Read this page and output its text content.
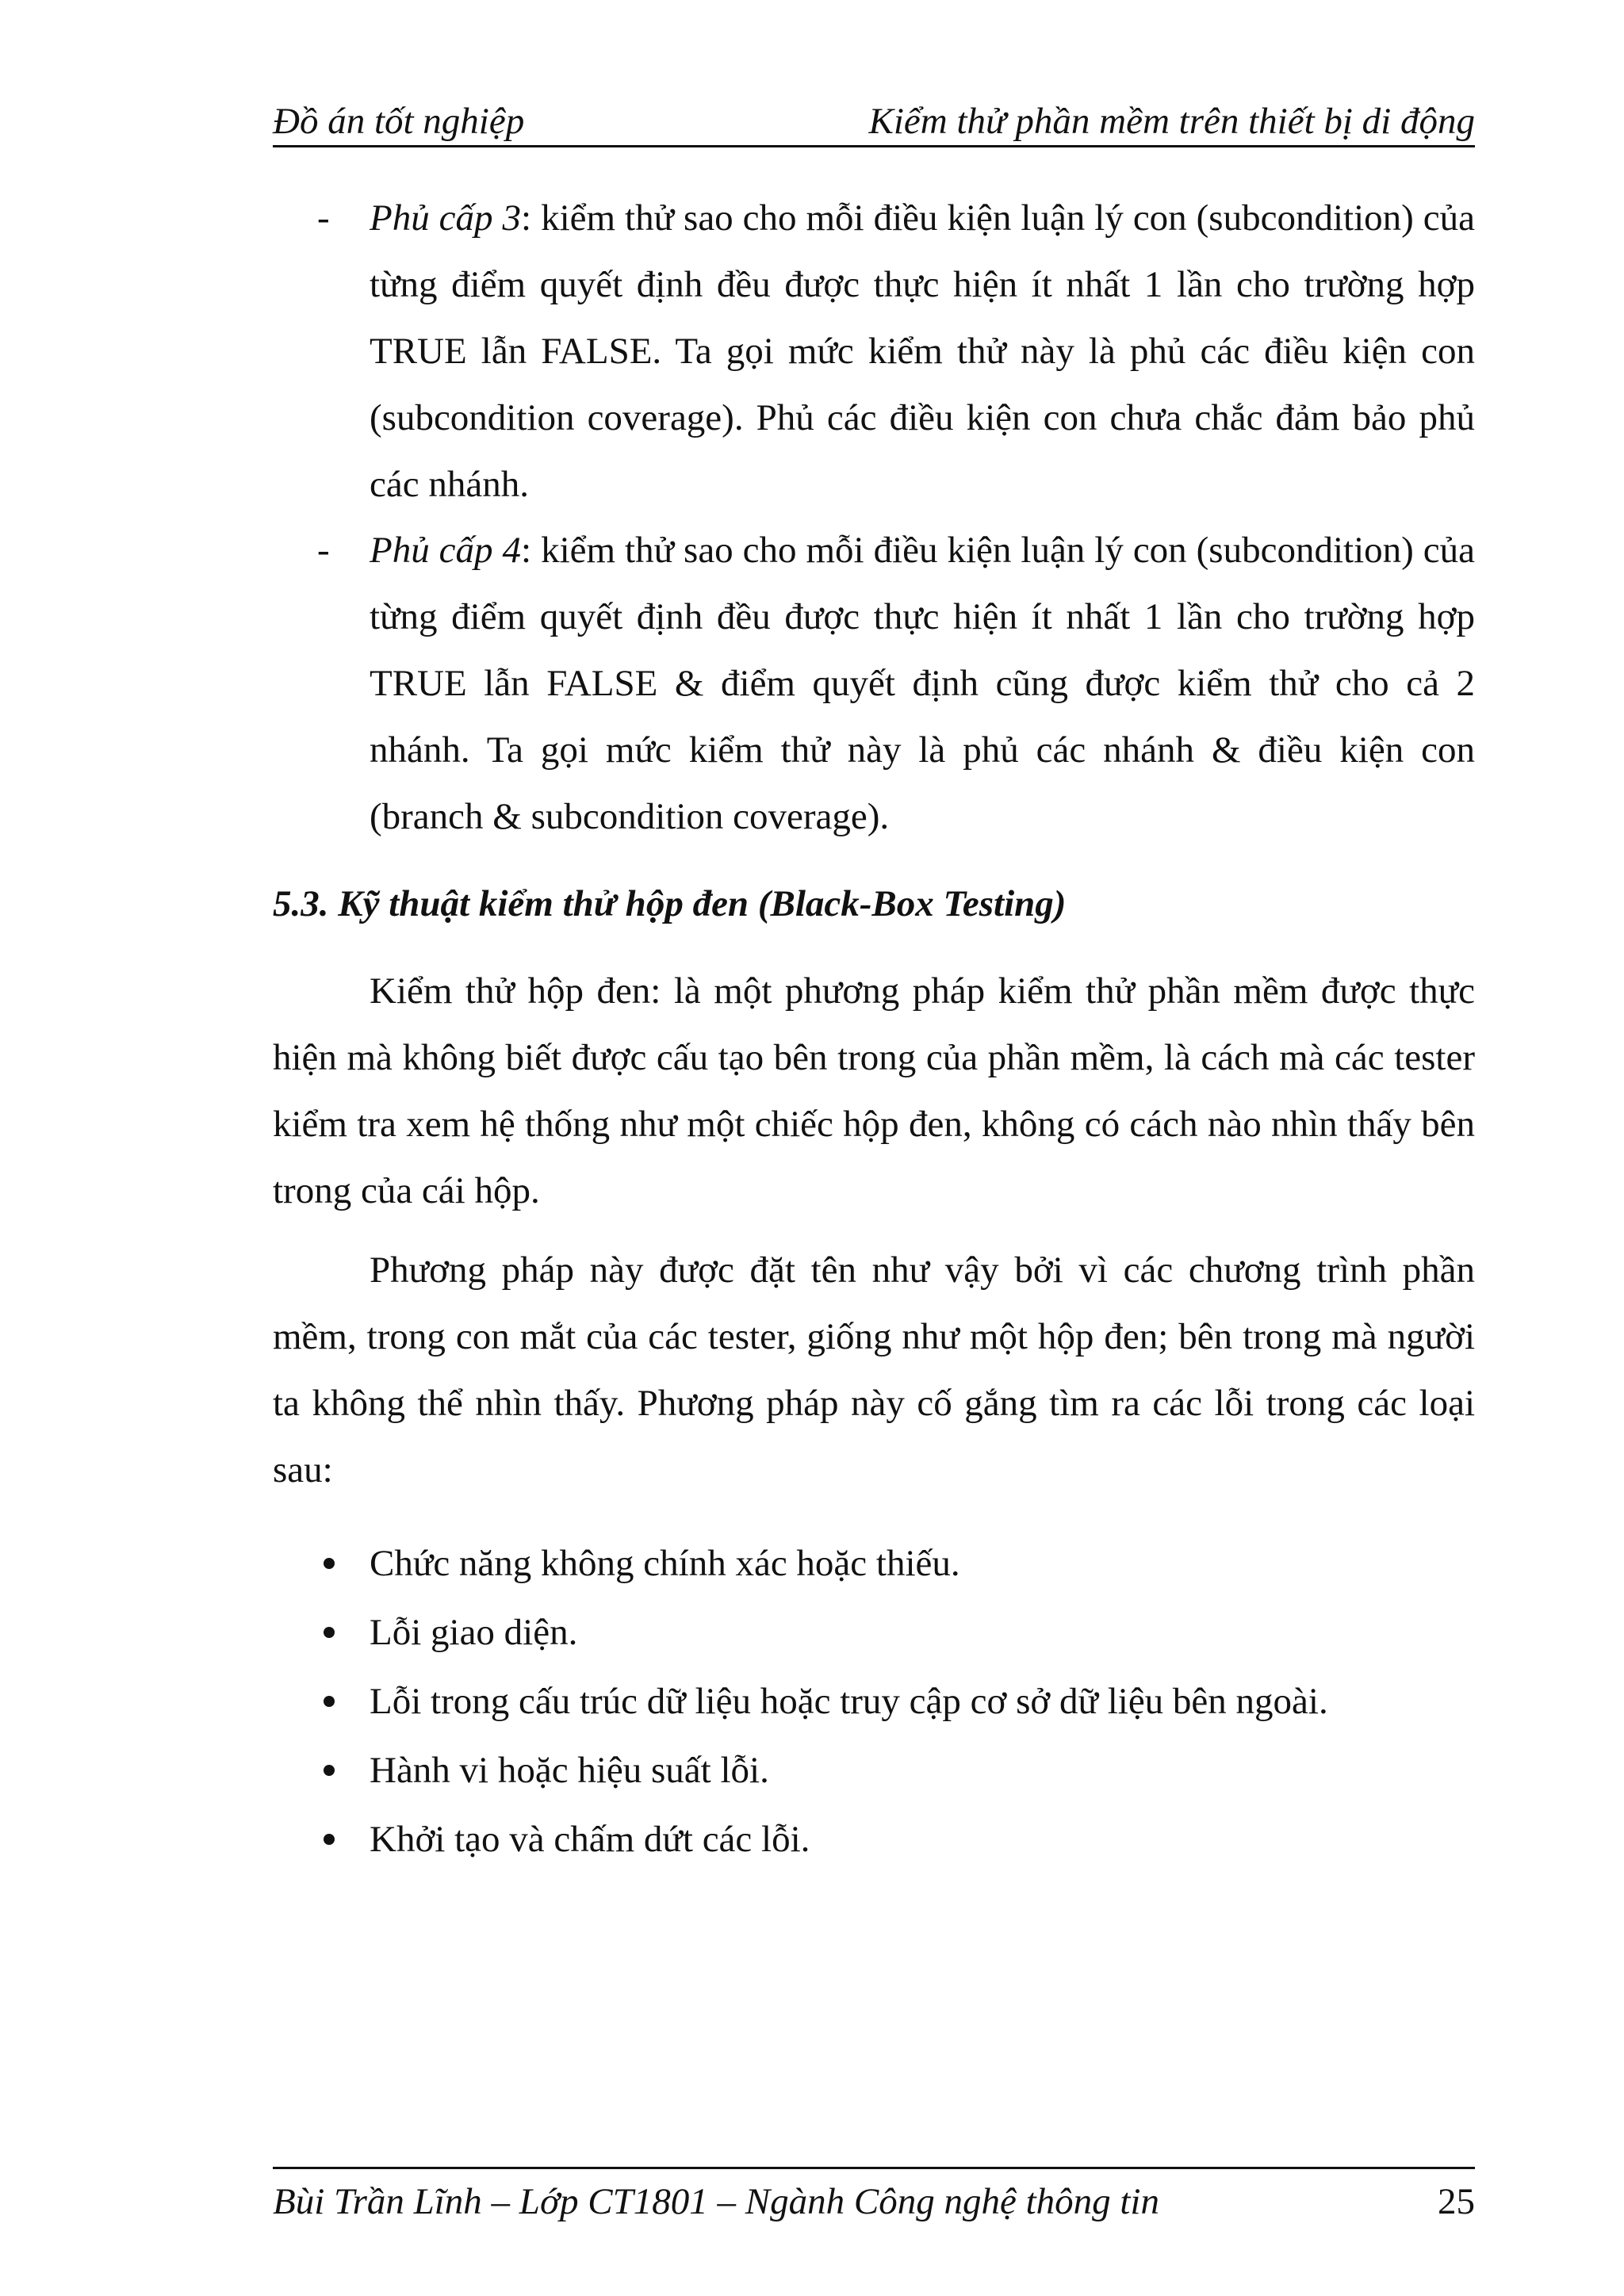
Đồ án tốt nghiệp	Kiểm thử phần mềm trên thiết bị di động
- Phủ cấp 3: kiểm thử sao cho mỗi điều kiện luận lý con (subcondition) của từng điểm quyết định đều được thực hiện ít nhất 1 lần cho trường hợp TRUE lẫn FALSE. Ta gọi mức kiểm thử này là phủ các điều kiện con (subcondition coverage). Phủ các điều kiện con chưa chắc đảm bảo phủ các nhánh.
- Phủ cấp 4: kiểm thử sao cho mỗi điều kiện luận lý con (subcondition) của từng điểm quyết định đều được thực hiện ít nhất 1 lần cho trường hợp TRUE lẫn FALSE & điểm quyết định cũng được kiểm thử cho cả 2 nhánh. Ta gọi mức kiểm thử này là phủ các nhánh & điều kiện con (branch & subcondition coverage).
5.3. Kỹ thuật kiểm thử hộp đen (Black-Box Testing)
Kiểm thử hộp đen: là một phương pháp kiểm thử phần mềm được thực hiện mà không biết được cấu tạo bên trong của phần mềm, là cách mà các tester kiểm tra xem hệ thống như một chiếc hộp đen, không có cách nào nhìn thấy bên trong của cái hộp.
Phương pháp này được đặt tên như vậy bởi vì các chương trình phần mềm, trong con mắt của các tester, giống như một hộp đen; bên trong mà người ta không thể nhìn thấy. Phương pháp này cố gắng tìm ra các lỗi trong các loại sau:
Chức năng không chính xác hoặc thiếu.
Lỗi giao diện.
Lỗi trong cấu trúc dữ liệu hoặc truy cập cơ sở dữ liệu bên ngoài.
Hành vi hoặc hiệu suất lỗi.
Khởi tạo và chấm dứt các lỗi.
Bùi Trần Lĩnh – Lớp CT1801 – Ngành Công nghệ thông tin	25
